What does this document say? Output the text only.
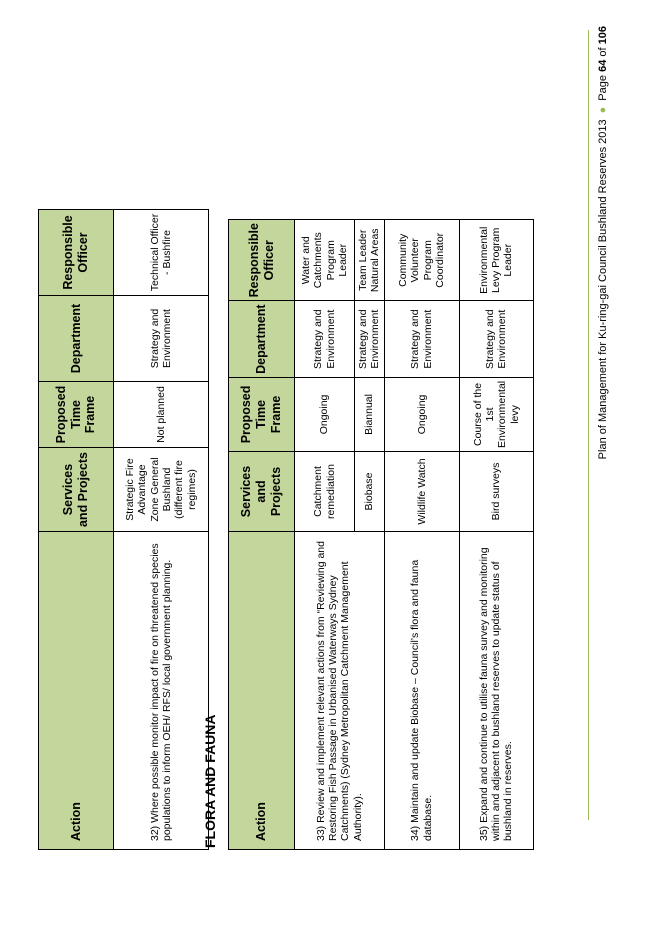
Action	Services and Projects	Proposed Time Frame	Department	Responsible Officer
32) Where possible monitor impact of fire on threatened species populations to inform OEH/ RFS/ local government planning.	Strategic Fire Advantage Zone General Bushland (different fire regimes)	Not planned	Strategy and Environment	Technical Officer - Bushfire
FLORA AND FAUNA	Action	Services and Projects	Proposed Time Frame	Department	Responsible Officer
33) Review and implement relevant actions from “Reviewing and Restoring Fish Passage in Urbanised Waterways Sydney Catchments) (Sydney Metropolitan Catchment Management Authority).	Catchment remediation	Ongoing	Strategy and Environment	Water and Catchments Program Leader
	Biobase	Biannual	Strategy and Environment	Team Leader Natural Areas
34) Maintain and update Biobase – Council’s flora and fauna database.	Wildlife Watch	Ongoing	Strategy and Environment	Community Volunteer Program Coordinator
35) Expand and continue to utilise fauna survey and monitoring within and adjacent to bushland reserves to update status of bushland in reserves.	Bird surveys	Course of the 1st Environmental levy	Strategy and Environment	Environmental Levy Program Leader	Plan of Management for Ku-ring-gai Council Bushland Reserves 2013●Page 64 of 106
